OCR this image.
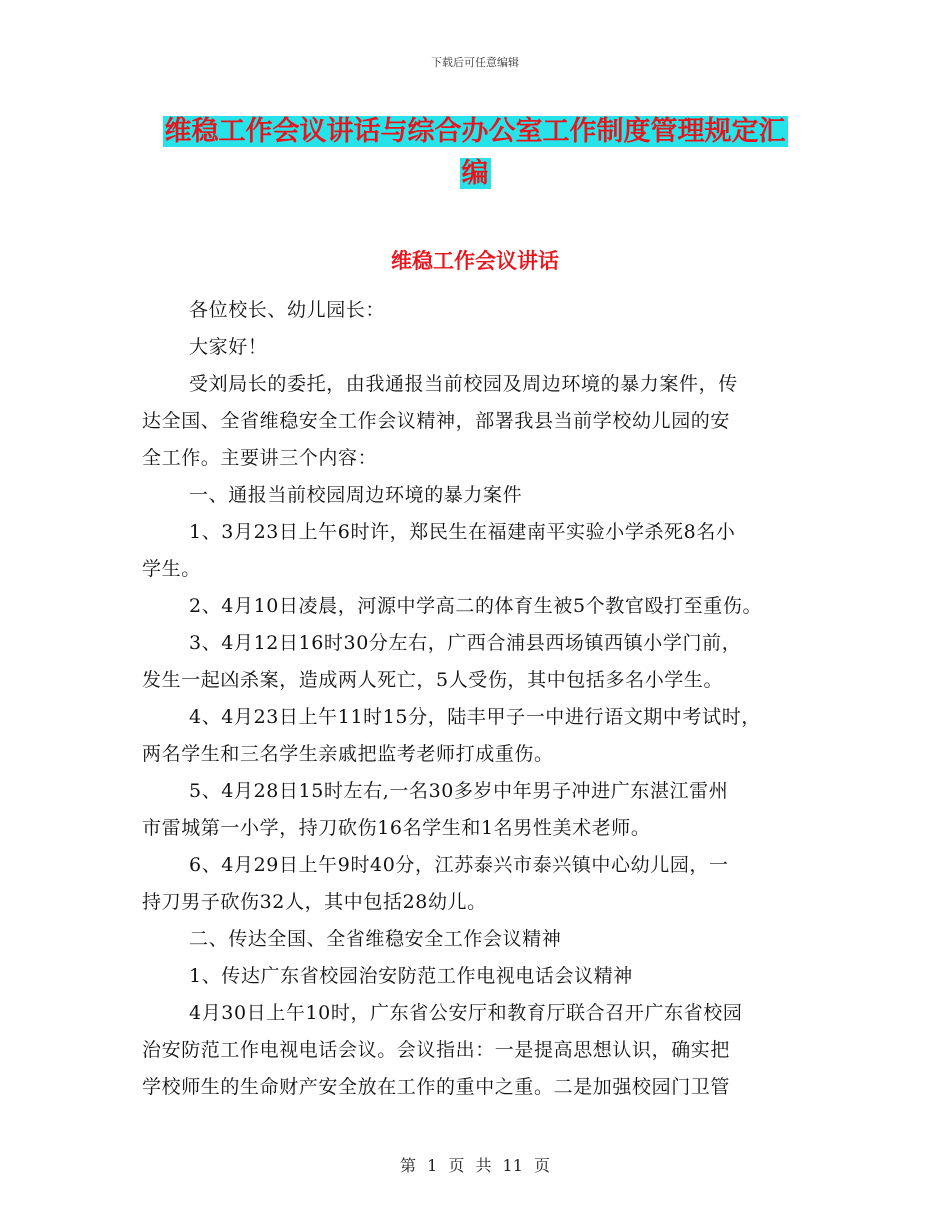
下载后可任意编辑
维稳工作会议讲话与综合办公室工作制度管理规定汇
编
维稳工作会议讲话
各位校长、幼儿园长：
大家好！
受刘局长的委托，由我通报当前校园及周边环境的暴力案件，传
达全国、全省维稳安全工作会议精神，部署我县当前学校幼儿园的安
全工作。主要讲三个内容：
一、通报当前校园周边环境的暴力案件
1、3月23日上午6时许，郑民生在福建南平实验小学杀死8名小
学生。
2、4月10日凌晨，河源中学高二的体育生被5个教官殴打至重伤。
3、4月12日16时30分左右，广西合浦县西场镇西镇小学门前，
发生一起凶杀案，造成两人死亡，5人受伤，其中包括多名小学生。
4、4月23日上午11时15分，陆丰甲子一中进行语文期中考试时，
两名学生和三名学生亲戚把监考老师打成重伤。
5、4月28日15时左右,一名30多岁中年男子冲进广东湛江雷州
市雷城第一小学，持刀砍伤16名学生和1名男性美术老师。
6、4月29日上午9时40分，江苏泰兴市泰兴镇中心幼儿园，一
持刀男子砍伤32人，其中包括28幼儿。
二、传达全国、全省维稳安全工作会议精神
1、传达广东省校园治安防范工作电视电话会议精神
4月30日上午10时，广东省公安厅和教育厅联合召开广东省校园
治安防范工作电视电话会议。会议指出：一是提高思想认识，确实把
学校师生的生命财产安全放在工作的重中之重。二是加强校园门卫管
第 1 页 共 11 页
